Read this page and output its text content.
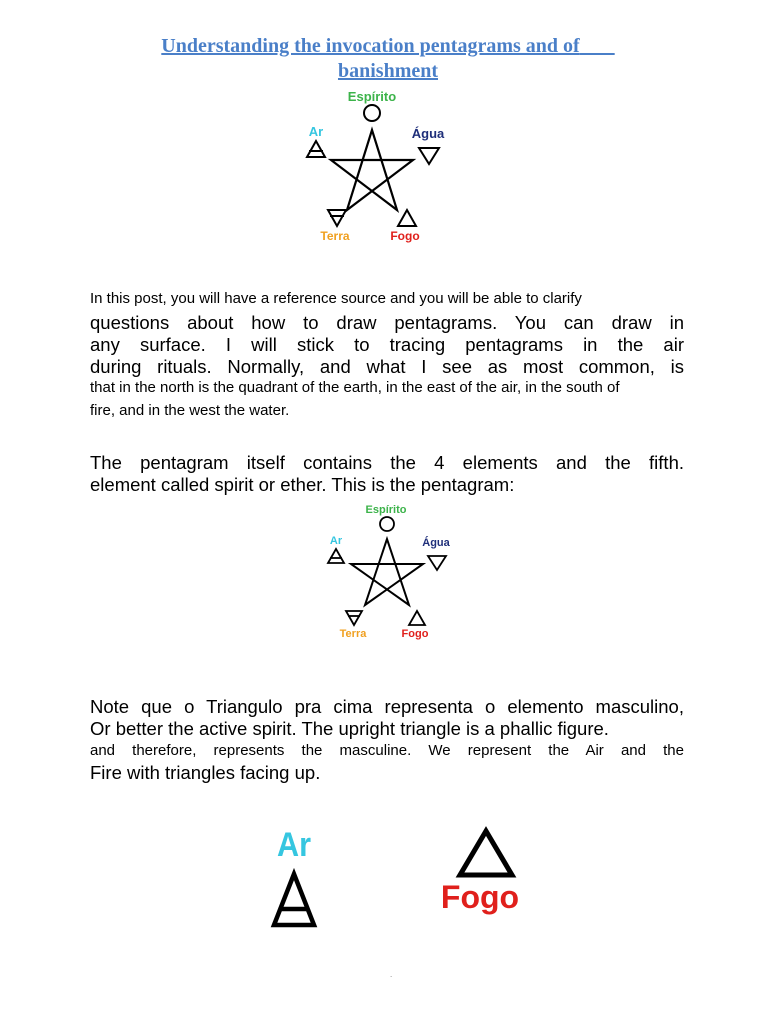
Understanding the invocation pentagrams and of
banishment
Espírito
Ar	Água
Terra	Fogo
In this post, you will have a reference source and you will be able to clarify
questions about how to draw pentagrams. You can draw in
any surface. I will stick to tracing pentagrams in the air
during rituals. Normally, and what I see as most common, is
that in the north is the quadrant of the earth, in the east of the air, in the south of
fire, and in the west the water.
The pentagram itself contains the 4 elements and the fifth.
element called spirit or ether. This is the pentagram:
Espírito
Ar	Água
Terra	Fogo
Note que o Triangulo pra cima representa o elemento masculino,
Or better the active spirit. The upright triangle is a phallic figure.
and therefore, represents the masculine. We represent the Air and the
Fire with triangles facing up.
Ar
Fogo
.
